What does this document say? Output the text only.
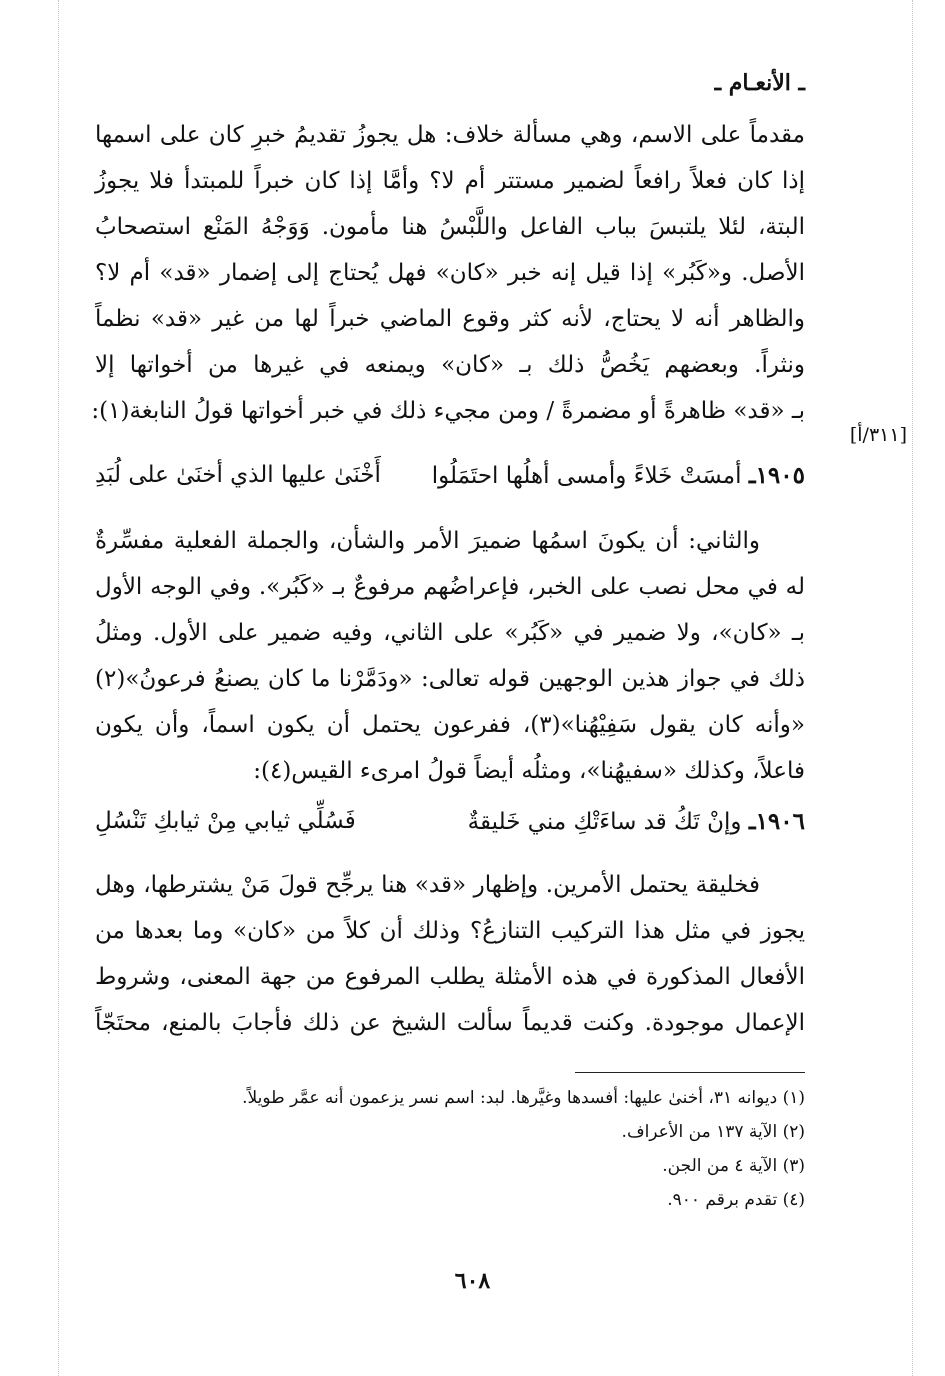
ـ الأنعـام ـ
مقدماً على الاسم، وهي مسألة خلاف: هل يجوزُ تقديمُ خبرِ كان على اسمها
إذا كان فعلاً رافعاً لضمير مستتر أم لا؟ وأمَّا إذا كان خبراً للمبتدأ فلا يجوزُ
البتة، لئلا يلتبسَ بباب الفاعل واللَّبْسُ هنا مأمون. وَوَجْهُ المَنْع استصحابُ
الأصل. و«كَبُر» إذا قيل إنه خبر «كان» فهل يُحتاج إلى إضمار «قد» أم لا؟
والظاهر أنه لا يحتاج، لأنه كثر وقوع الماضي خبراً لها من غير «قد» نظماً
ونثراً. وبعضهم يَخُصُّ ذلك بـ «كان» ويمنعه في غيرها من أخواتها إلا
بـ «قد» ظاهرةً أو مضمرةً / ومن مجيء ذلك في خبر أخواتها قولُ النابغة(١):
[٣١١/أ]
١٩٠٥ـ أمسَتْ خَلاءً وأمسى أهلُها احتَمَلُوا
أَخْنَىٰ عليها الذي أخنَىٰ على لُبَدِ
والثاني: أن يكونَ اسمُها ضميرَ الأمر والشأن، والجملة الفعلية مفسِّرةٌ
له في محل نصب على الخبر، فإعراضُهم مرفوعٌ بـ «كَبُر». وفي الوجه الأول
بـ «كان»، ولا ضمير في «كَبُر» على الثاني، وفيه ضمير على الأول. ومثلُ
ذلك في جواز هذين الوجهين قوله تعالى: «ودَمَّرْنا ما كان يصنعُ فرعونُ»(٢)
«وأنه كان يقول سَفِيْهُنا»(٣)، ففرعون يحتمل أن يكون اسماً، وأن يكون
فاعلاً، وكذلك «سفيهُنا»، ومثلُه أيضاً قولُ امرىء القيس(٤):
١٩٠٦ـ وإنْ تَكُ قد ساءَتْكِ مني خَليقةٌ
فَسُلِّي ثيابي مِنْ ثيابكِ تَنْسُلِ
فخليقة يحتمل الأمرين. وإظهار «قد» هنا يرجِّح قولَ مَنْ يشترطها، وهل
يجوز في مثل هذا التركيب التنازعُ؟ وذلك أن كلاً من «كان» وما بعدها من
الأفعال المذكورة في هذه الأمثلة يطلب المرفوع من جهة المعنى، وشروط
الإعمال موجودة. وكنت قديماً سألت الشيخ عن ذلك فأجابَ بالمنع، محتَجّاً
(١) ديوانه ٣١، أخنىٰ عليها: أفسدها وغيَّرها. لبد: اسم نسر يزعمون أنه عمَّر طويلاً.
(٢) الآية ١٣٧ من الأعراف.
(٣) الآية ٤ من الجن.
(٤) تقدم برقم ٩٠٠.
٦٠٨
